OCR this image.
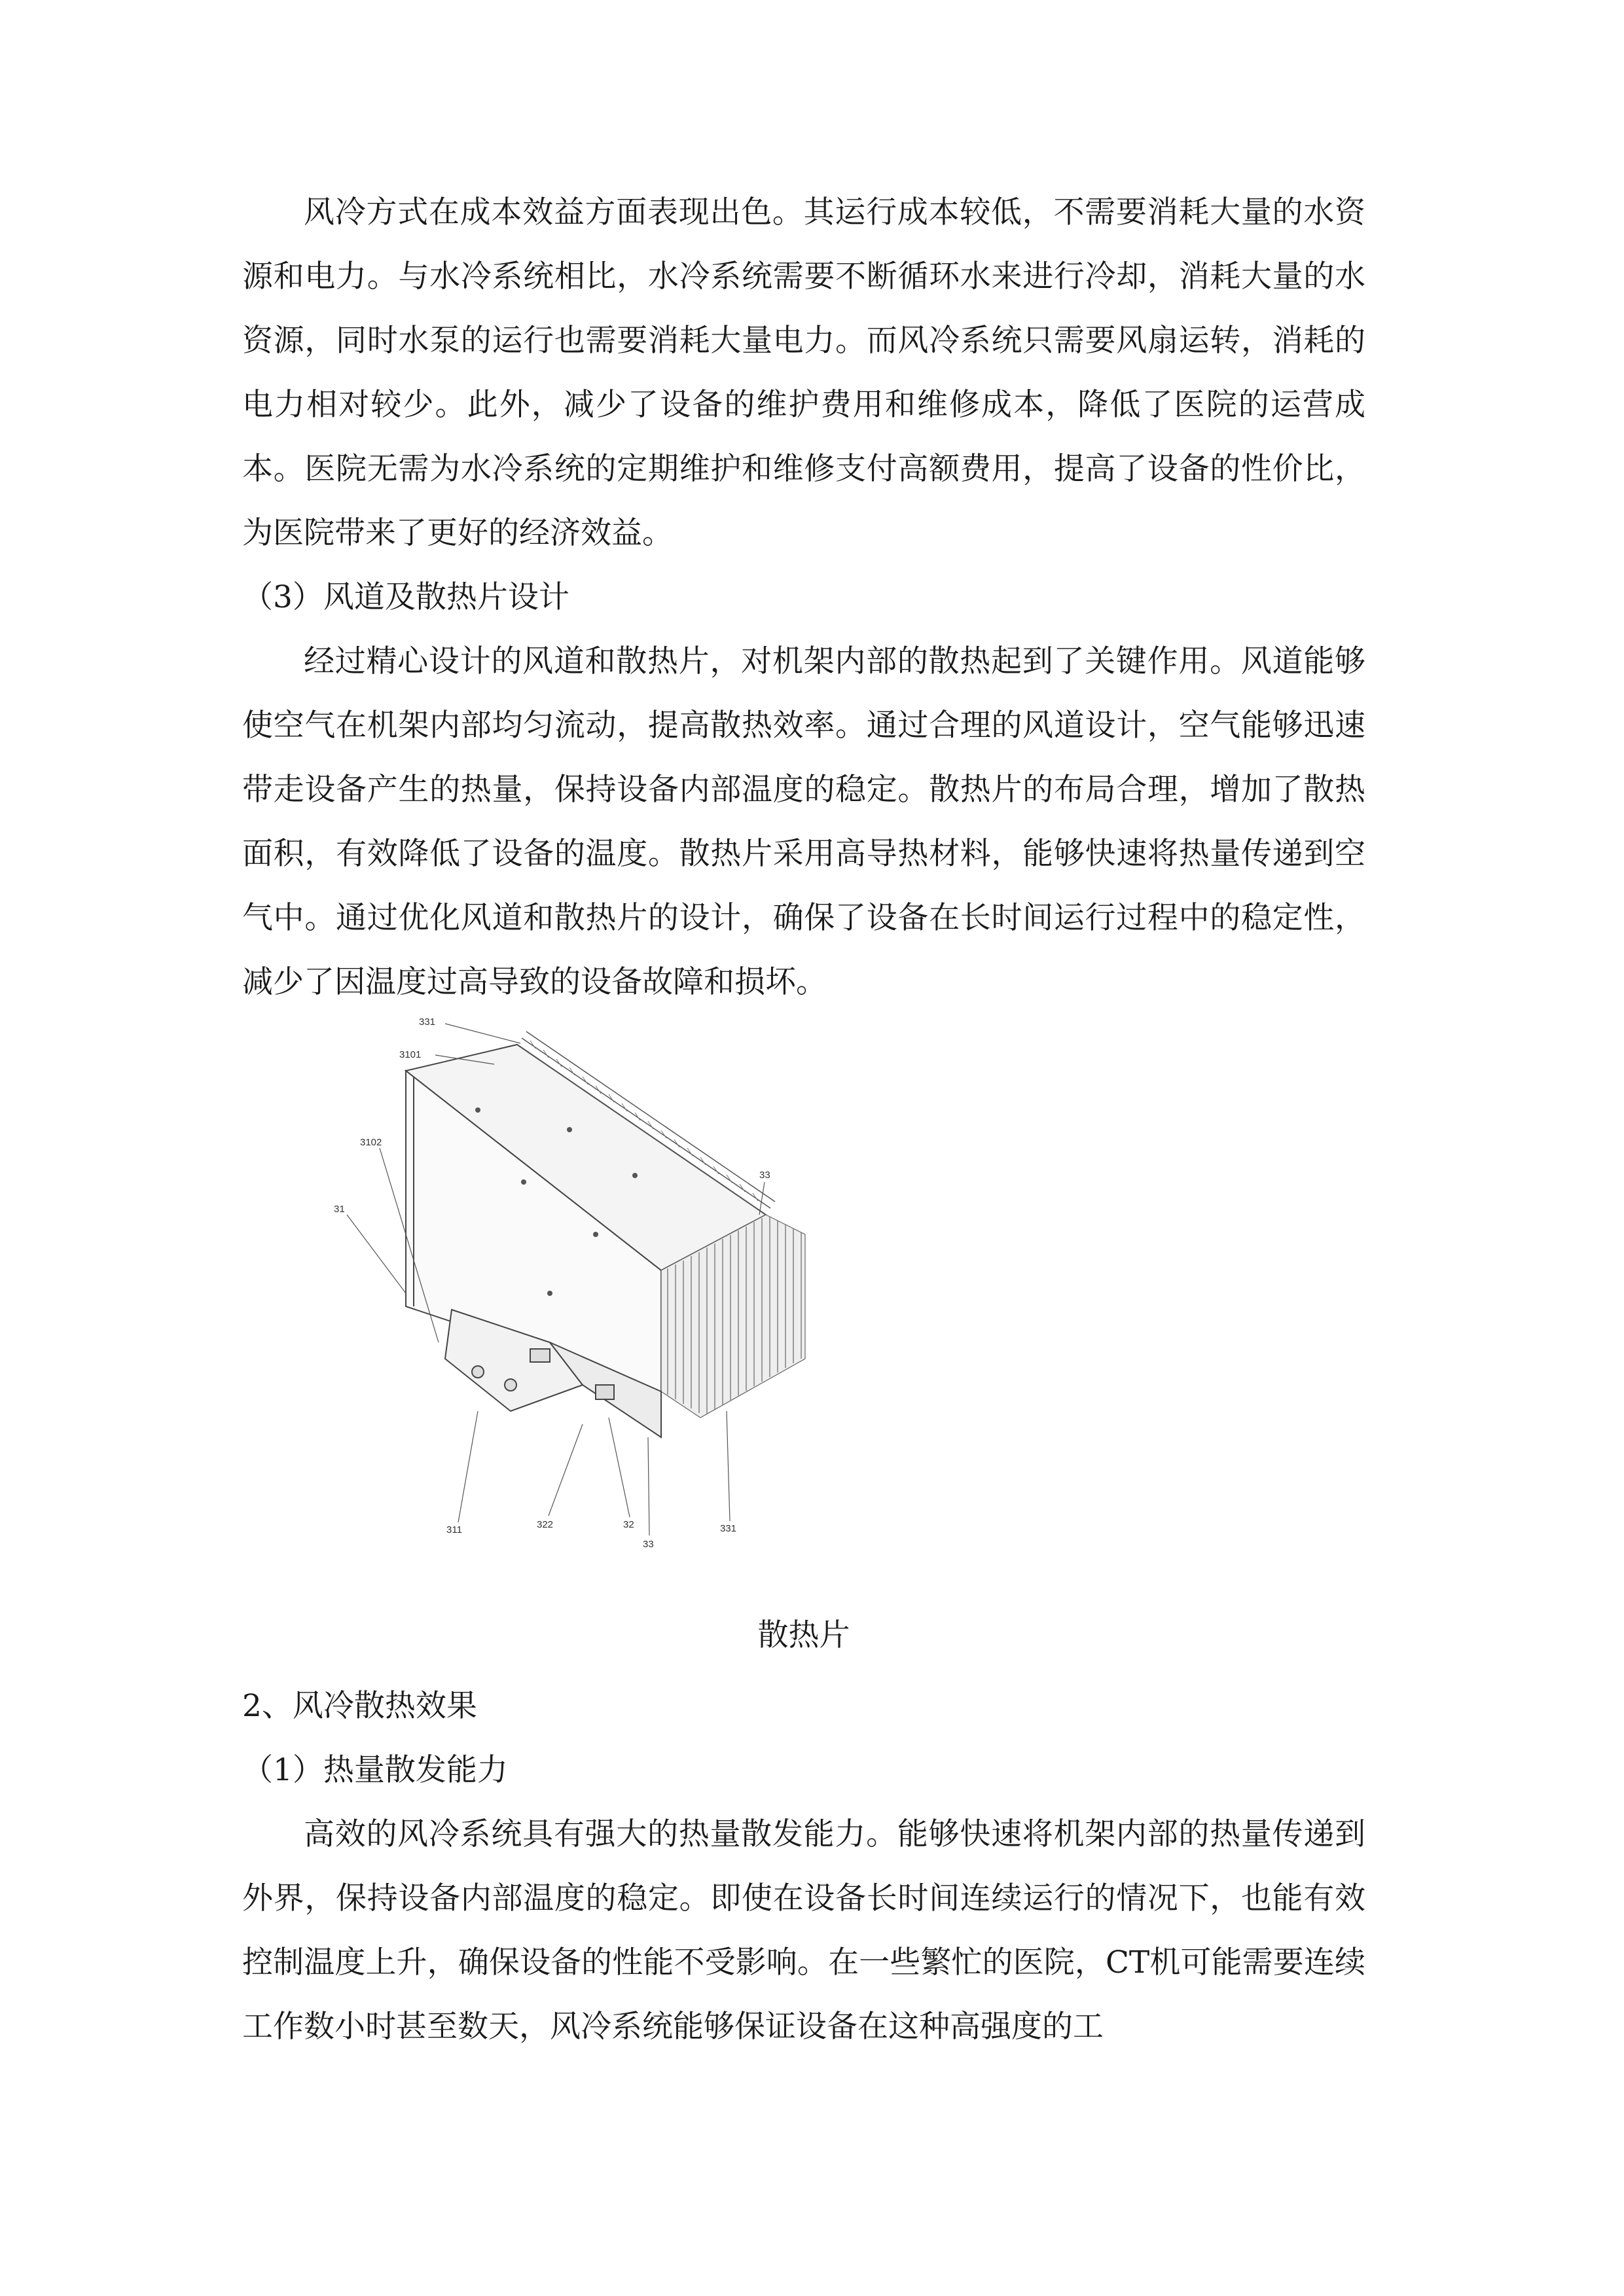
风冷方式在成本效益方面表现出色。其运行成本较低，不需要消耗大量的水资源和电力。与水冷系统相比，水冷系统需要不断循环水来进行冷却，消耗大量的水资源，同时水泵的运行也需要消耗大量电力。而风冷系统只需要风扇运转，消耗的电力相对较少。此外，减少了设备的维护费用和维修成本，降低了医院的运营成本。医院无需为水冷系统的定期维护和维修支付高额费用，提高了设备的性价比，为医院带来了更好的经济效益。

（3）风道及散热片设计

经过精心设计的风道和散热片，对机架内部的散热起到了关键作用。风道能够使空气在机架内部均匀流动，提高散热效率。通过合理的风道设计，空气能够迅速带走设备产生的热量，保持设备内部温度的稳定。散热片的布局合理，增加了散热面积，有效降低了设备的温度。散热片采用高导热材料，能够快速将热量传递到空气中。通过优化风道和散热片的设计，确保了设备在长时间运行过程中的稳定性，减少了因温度过高导致的设备故障和损坏。

331
3101
3102
31
33
311	322	32
33
331
散热片
2、风冷散热效果
（1）热量散发能力

高效的风冷系统具有强大的热量散发能力。能够快速将机架内部的热量传递到外界，保持设备内部温度的稳定。即使在设备长时间连续运行的情况下，也能有效控制温度上升，确保设备的性能不受影响。在一些繁忙的医院，CT机可能需要连续工作数小时甚至数天，风冷系统能够保证设备在这种高强度的工
